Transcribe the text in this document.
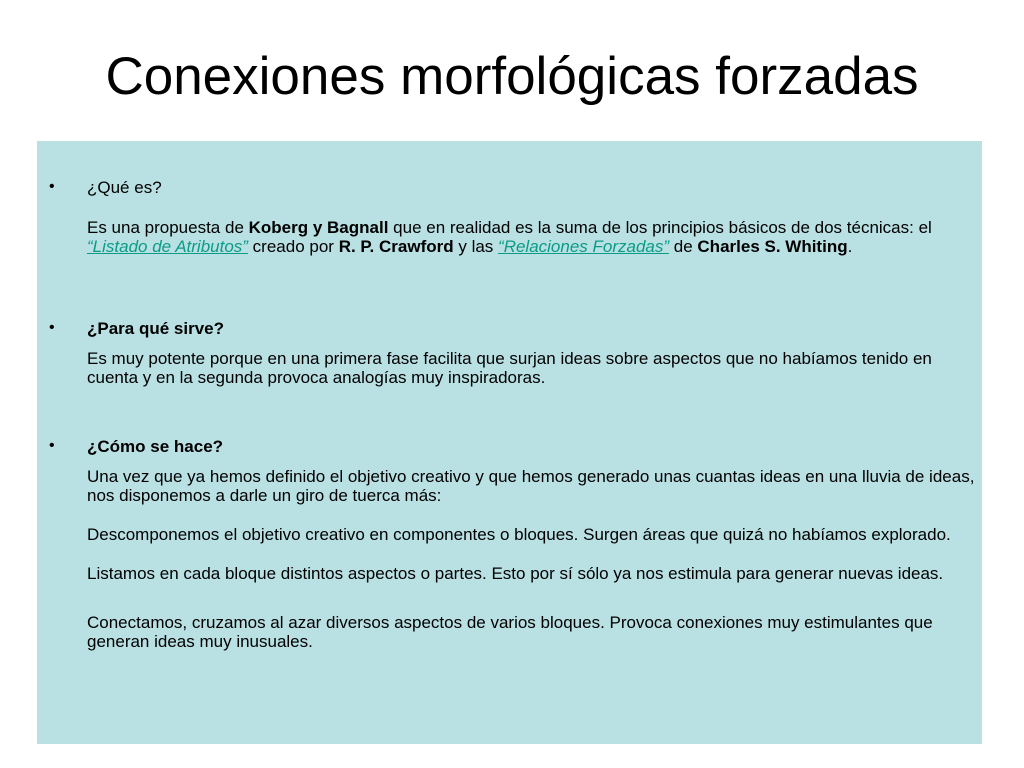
Conexiones morfológicas forzadas
• ¿Qué es?

Es una propuesta de Koberg y Bagnall que en realidad es la suma de los principios básicos de dos técnicas: el “Listado de Atributos” creado por R. P. Crawford y las “Relaciones Forzadas” de Charles S. Whiting.

• ¿Para qué sirve?

Es muy potente porque en una primera fase facilita que surjan ideas sobre aspectos que no habíamos tenido en cuenta y en la segunda provoca analogías muy inspiradoras.

• ¿Cómo se hace?

Una vez que ya hemos definido el objetivo creativo y que hemos generado unas cuantas ideas en una lluvia de ideas, nos disponemos a darle un giro de tuerca más:

Descomponemos el objetivo creativo en componentes o bloques. Surgen áreas que quizá no habíamos explorado.

Listamos en cada bloque distintos aspectos o partes. Esto por sí sólo ya nos estimula para generar nuevas ideas.

Conectamos, cruzamos al azar diversos aspectos de varios bloques. Provoca conexiones muy estimulantes que generan ideas muy inusuales.
